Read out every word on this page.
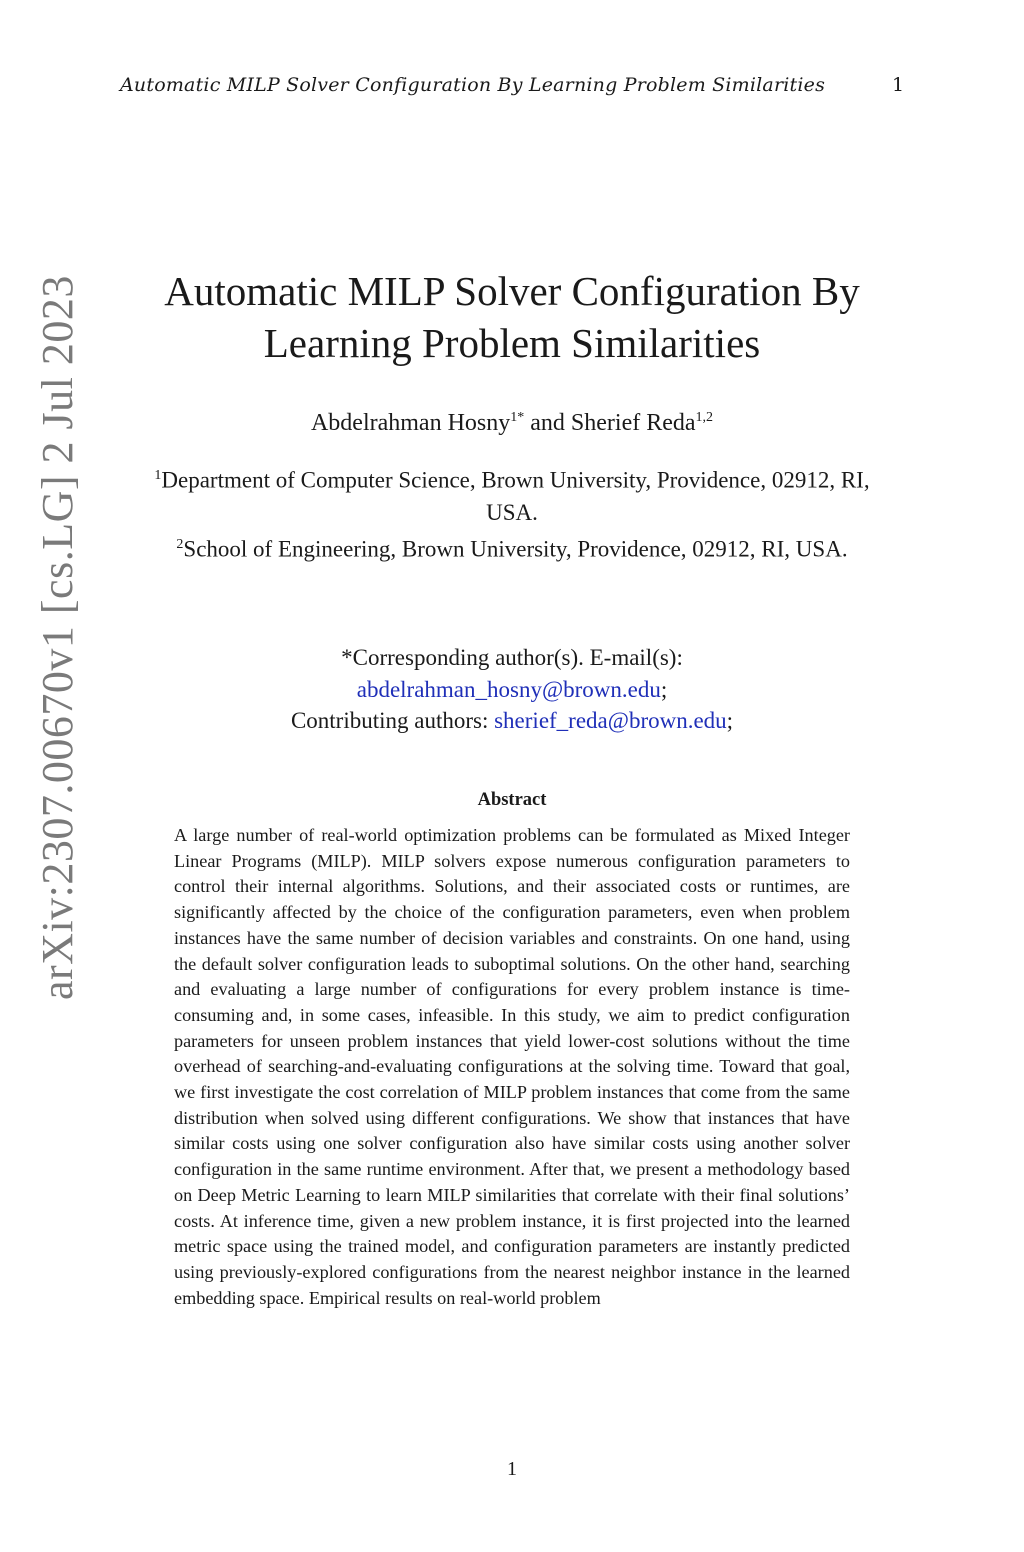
Automatic MILP Solver Configuration By Learning Problem Similarities	1
arXiv:2307.00670v1 [cs.LG] 2 Jul 2023	Automatic MILP Solver Configuration By
Learning Problem Similarities
Abdelrahman Hosny$^{1*}$ and Sherief Reda$^{1,2}$
$^1$Department of Computer Science, Brown University, Providence, 02912, RI, USA.
$^2$School of Engineering, Brown University, Providence, 02912, RI, USA.
*Corresponding author(s). E-mail(s):
abdelrahman_hosny@brown.edu;
Contributing authors: sherief_reda@brown.edu;
Abstract

A large number of real-world optimization problems can be formulated as Mixed Integer Linear Programs (MILP). MILP solvers expose numerous configuration parameters to control their internal algorithms. Solutions, and their associated costs or runtimes, are significantly affected by the choice of the configuration parameters, even when problem instances have the same number of decision variables and constraints. On one hand, using the default solver configuration leads to suboptimal solutions. On the other hand, searching and evaluating a large number of configurations for every problem instance is time-consuming and, in some cases, infeasible. In this study, we aim to predict configuration parameters for unseen problem instances that yield lower-cost solutions without the time overhead of searching-and-evaluating configurations at the solving time. Toward that goal, we first investigate the cost correlation of MILP problem instances that come from the same distribution when solved using different configurations. We show that instances that have similar costs using one solver configuration also have similar costs using another solver configuration in the same runtime environment. After that, we present a methodology based on Deep Metric Learning to learn MILP similarities that correlate with their final solutions’ costs. At inference time, given a new problem instance, it is first projected into the learned metric space using the trained model, and configuration parameters are instantly predicted using previously-explored configurations from the nearest neighbor instance in the learned embedding space. Empirical results on real-world problem

1
